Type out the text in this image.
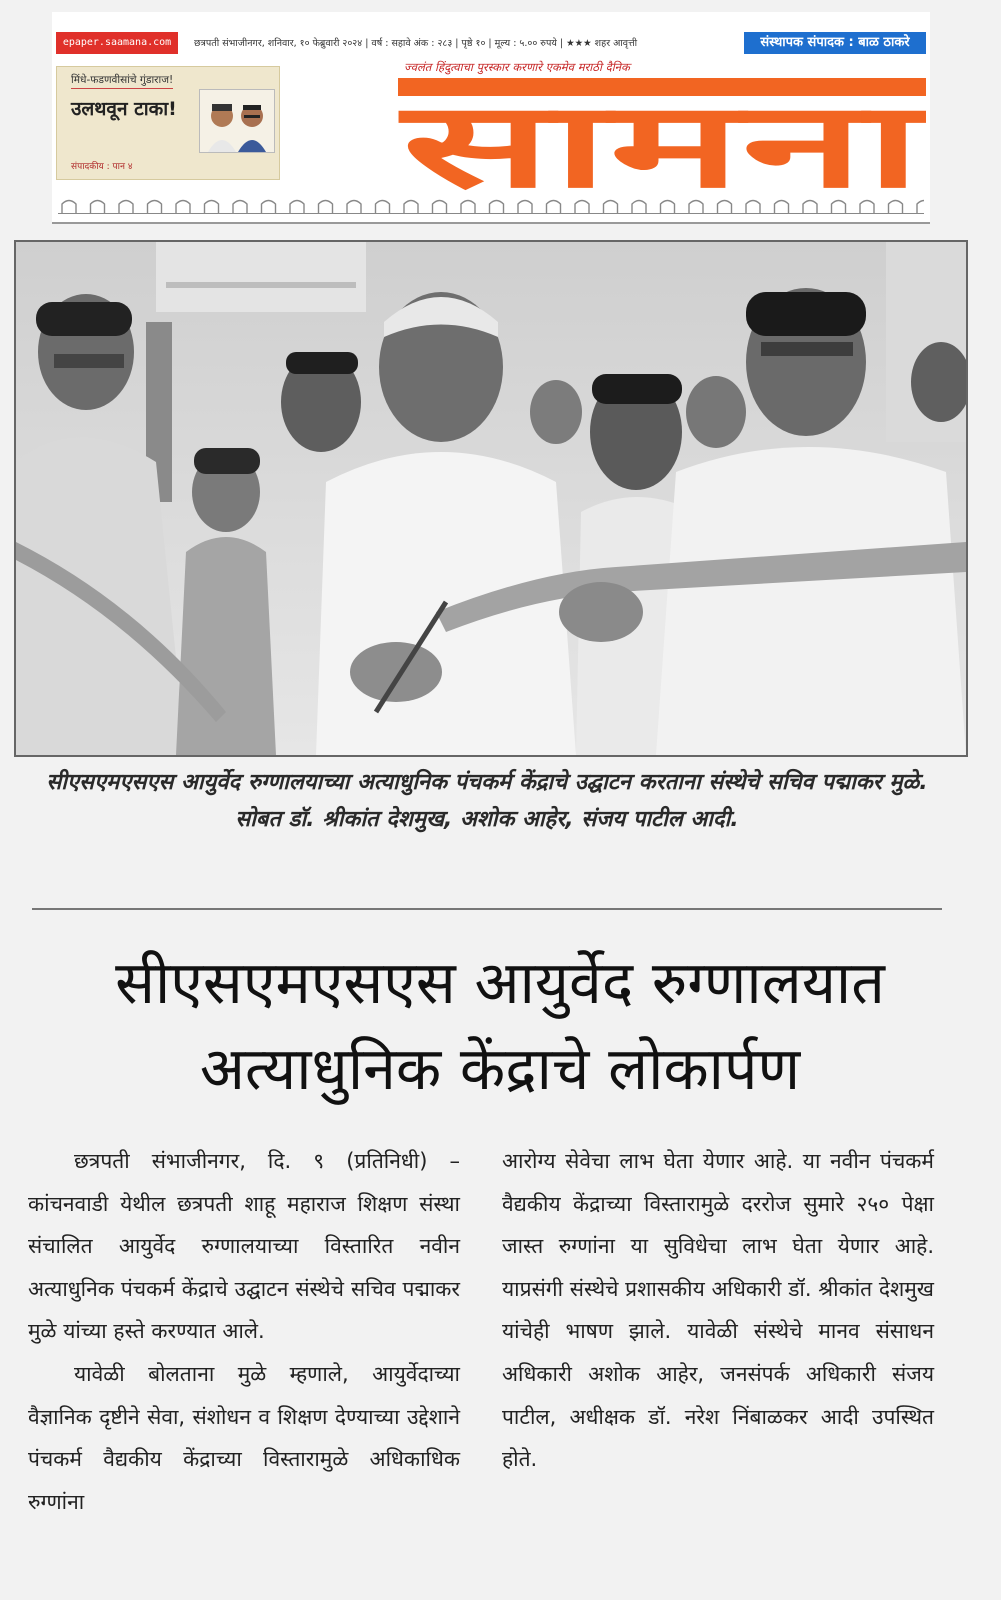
epaper.saamana.com	छत्रपती संभाजीनगर, शनिवार, १० फेब्रुवारी २०२४ | वर्ष : सहावे अंक : २८३ | पृष्ठे १० | मूल्य : ५.०० रुपये | ★★★ शहर आवृत्ती	संस्थापक संपादक : बाळ ठाकरे
मिंधे-फडणवीसांचे गुंडाराज!
उलथवून टाका!
संपादकीय : पान ४
ज्वलंत हिंदुत्वाचा पुरस्कार करणारे एकमेव मराठी दैनिक
सामना
सीएसएमएसएस आयुर्वेद रुग्णालयाच्या अत्याधुनिक पंचकर्म केंद्राचे उद्घाटन करताना संस्थेचे सचिव पद्माकर मुळे. सोबत डॉ. श्रीकांत देशमुख, अशोक आहेर, संजय पाटील आदी.
सीएसएमएसएस आयुर्वेद रुग्णालयात
अत्याधुनिक केंद्राचे लोकार्पण

छत्रपती संभाजीनगर, दि. ९ (प्रतिनिधी) – कांचनवाडी येथील छत्रपती शाहू महाराज शिक्षण संस्था संचालित आयुर्वेद रुग्णालयाच्या विस्तारित नवीन अत्याधुनिक पंचकर्म केंद्राचे उद्घाटन संस्थेचे सचिव पद्माकर मुळे यांच्या हस्ते करण्यात आले.

यावेळी बोलताना मुळे म्हणाले, आयुर्वेदाच्या वैज्ञानिक दृष्टीने सेवा, संशोधन व शिक्षण देण्याच्या उद्देशाने पंचकर्म वैद्यकीय केंद्राच्या विस्तारामुळे अधिकाधिक रुग्णांना

आरोग्य सेवेचा लाभ घेता येणार आहे. या नवीन पंचकर्म वैद्यकीय केंद्राच्या विस्तारामुळे दररोज सुमारे २५० पेक्षा जास्त रुग्णांना या सुविधेचा लाभ घेता येणार आहे. याप्रसंगी संस्थेचे प्रशासकीय अधिकारी डॉ. श्रीकांत देशमुख यांचेही भाषण झाले. यावेळी संस्थेचे मानव संसाधन अधिकारी अशोक आहेर, जनसंपर्क अधिकारी संजय पाटील, अधीक्षक डॉ. नरेश निंबाळकर आदी उपस्थित होते.
